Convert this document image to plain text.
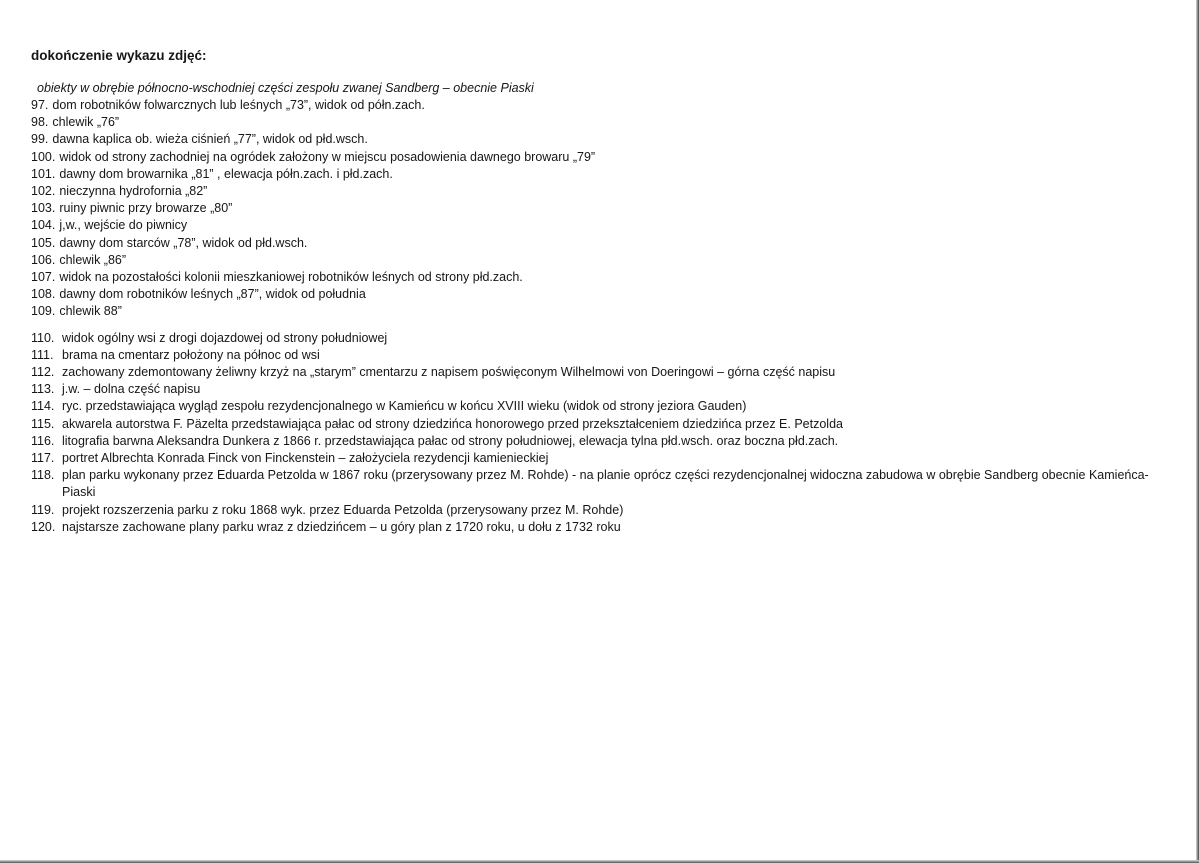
dokończenie wykazu zdjęć:
obiekty w obrębie północno-wschodniej części zespołu zwanej Sandberg – obecnie Piaski
97. dom robotników folwarcznych lub leśnych „73”, widok od półn.zach.
98. chlewik „76”
99. dawna kaplica ob. wieża ciśnień „77”, widok od płd.wsch.
100. widok od strony zachodniej na ogródek założony w miejscu posadowienia dawnego browaru „79”
101. dawny dom browarnika „81” , elewacja półn.zach. i płd.zach.
102. nieczynna hydrofornia „82”
103. ruiny piwnic przy browarze „80”
104. j,w., wejście do piwnicy
105. dawny dom starców „78”, widok od płd.wsch.
106. chlewik „86”
107. widok na pozostałości kolonii mieszkaniowej robotników leśnych od strony płd.zach.
108. dawny dom robotników leśnych „87”, widok od południa
109. chlewik 88”
110. widok ogólny wsi z drogi dojazdowej od strony południowej
111. brama na cmentarz położony na północ od wsi
112. zachowany zdemontowany żeliwny krzyż na „starym” cmentarzu z napisem poświęconym Wilhelmowi von Doeringowi – górna część napisu
113. j.w. – dolna część napisu
114. ryc. przedstawiająca wygląd zespołu rezydencjonalnego w Kamieńcu w końcu XVIII wieku (widok od strony jeziora Gauden)
115. akwarela autorstwa F. Päzelta przedstawiająca pałac od strony dziedzińca honorowego przed przekształceniem dziedzińca przez E. Petzolda
116. litografia barwna Aleksandra Dunkera z 1866 r. przedstawiająca pałac od strony południowej, elewacja tylna płd.wsch. oraz boczna płd.zach.
117. portret Albrechta Konrada Finck von Finckenstein – założyciela rezydencji kamienieckiej
118. plan parku wykonany przez Eduarda Petzolda w 1867 roku (przerysowany przez M. Rohde) - na planie oprócz części rezydencjonalnej widoczna zabudowa w obrębie Sandberg obecnie Kamieńca-Piaski
119. projekt rozszerzenia parku z roku 1868 wyk. przez Eduarda Petzolda (przerysowany przez M. Rohde)
120. najstarsze zachowane plany parku wraz z dziedzińcem – u góry plan z 1720 roku, u dołu z 1732 roku
